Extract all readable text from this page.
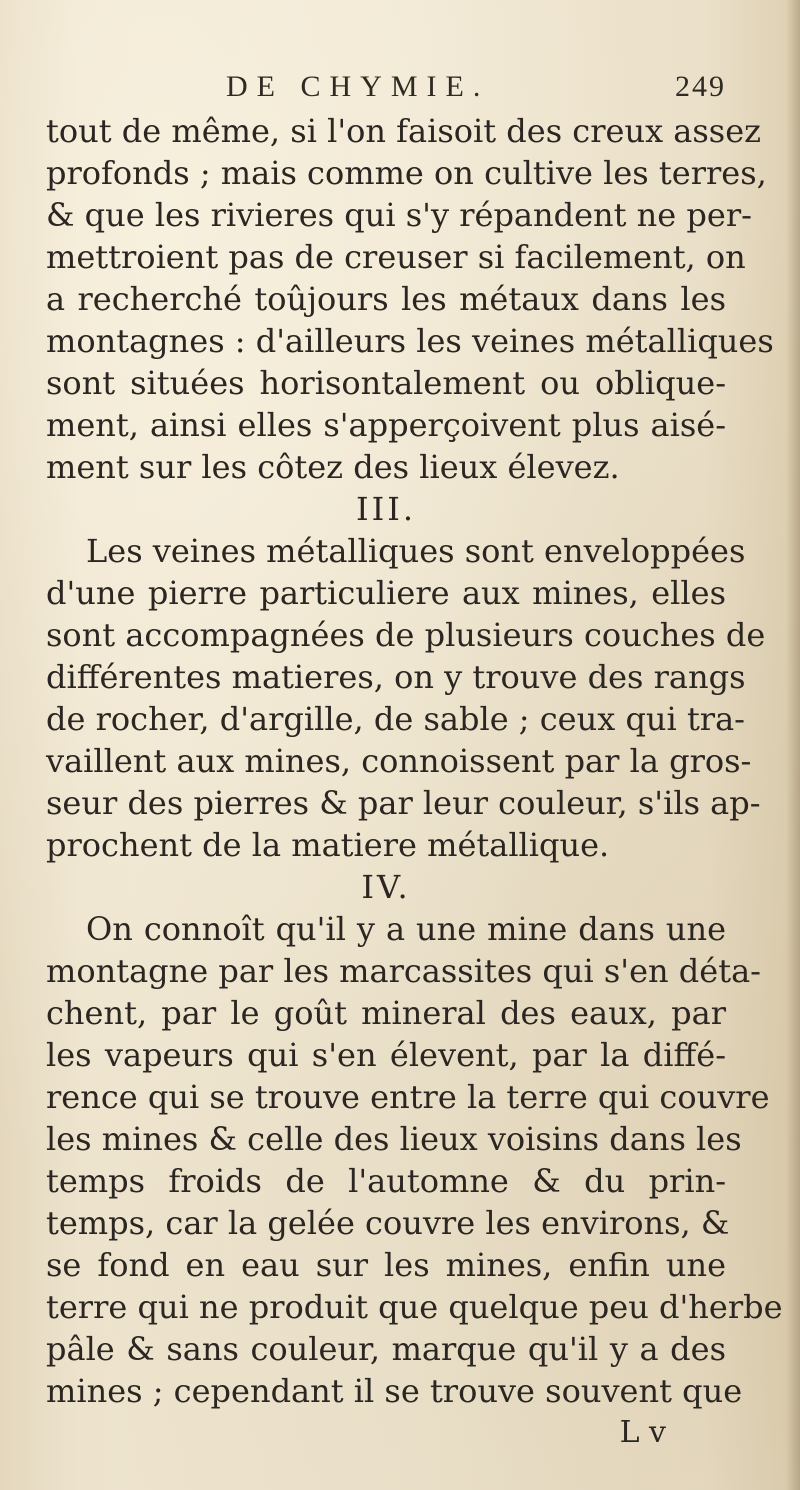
DE CHYMIE.	249
tout de même, si l'on faisoit des creux assez
profonds ; mais comme on cultive les terres,
& que les rivieres qui s'y répandent ne per-
mettroient pas de creuser si facilement, on
a recherché toûjours les métaux dans les
montagnes : d'ailleurs les veines métalliques
sont situées horisontalement ou oblique-
ment, ainsi elles s'apperçoivent plus aisé-
ment sur les côtez des lieux élevez.
III.
Les veines métalliques sont enveloppées
d'une pierre particuliere aux mines, elles
sont accompagnées de plusieurs couches de
différentes matieres, on y trouve des rangs
de rocher, d'argille, de sable ; ceux qui tra-
vaillent aux mines, connoissent par la gros-
seur des pierres & par leur couleur, s'ils ap-
prochent de la matiere métallique.
IV.
On connoît qu'il y a une mine dans une
montagne par les marcassites qui s'en déta-
chent, par le goût mineral des eaux, par
les vapeurs qui s'en élevent, par la diffé-
rence qui se trouve entre la terre qui couvre
les mines & celle des lieux voisins dans les
temps froids de l'automne & du prin-
temps, car la gelée couvre les environs, &
se fond en eau sur les mines, enfin une
terre qui ne produit que quelque peu d'herbe
pâle & sans couleur, marque qu'il y a des
mines ; cependant il se trouve souvent que
L v
